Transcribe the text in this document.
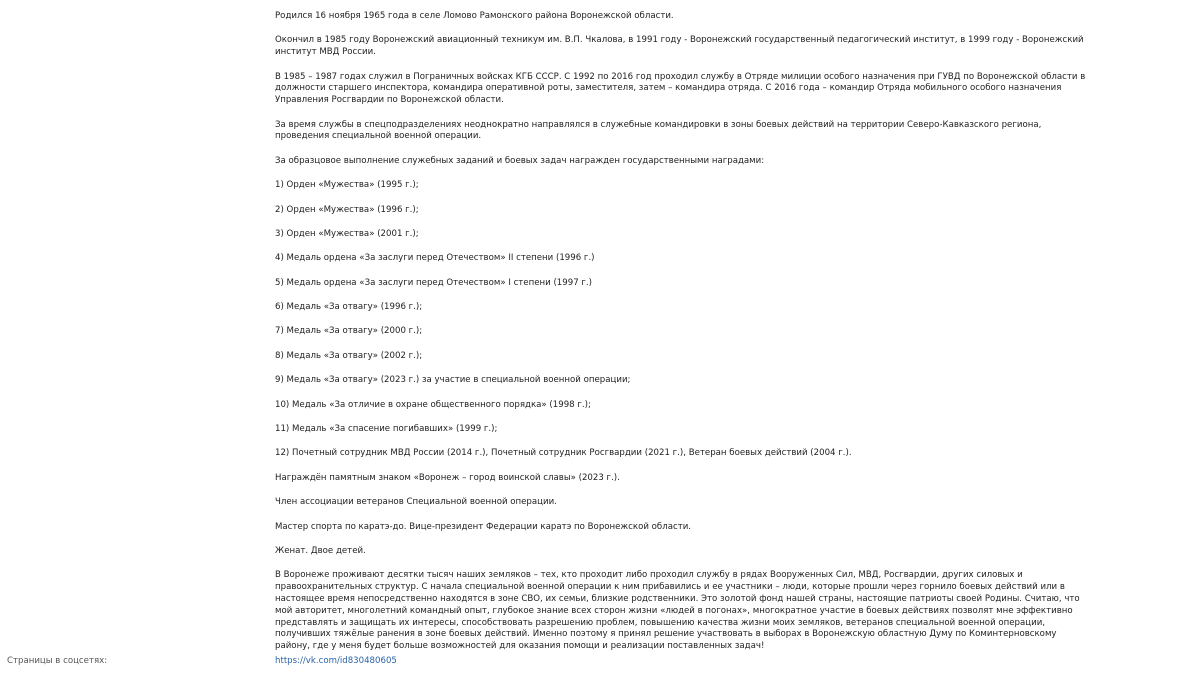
Родился 16 ноября 1965 года в селе Ломово Рамонского района Воронежской области.

Окончил в 1985 году Воронежский авиационный техникум им. В.П. Чкалова, в 1991 году - Воронежский государственный педагогический институт, в 1999 году - Воронежский институт МВД России.

В 1985 – 1987 годах служил в Пограничных войсках КГБ СССР. С 1992 по 2016 год проходил службу в Отряде милиции особого назначения при ГУВД по Воронежской области в должности старшего инспектора, командира оперативной роты, заместителя, затем – командира отряда. С 2016 года – командир Отряда мобильного особого назначения Управления Росгвардии по Воронежской области.

За время службы в спецподразделениях неоднократно направлялся в служебные командировки в зоны боевых действий на территории Северо-Кавказского региона, проведения специальной военной операции.

За образцовое выполнение служебных заданий и боевых задач награжден государственными наградами:

1) Орден «Мужества» (1995 г.);

2) Орден «Мужества» (1996 г.);

3) Орден «Мужества» (2001 г.);

4) Медаль ордена «За заслуги перед Отечеством» II степени (1996 г.)

5) Медаль ордена «За заслуги перед Отечеством» I степени (1997 г.)

6) Медаль «За отвагу» (1996 г.);

7) Медаль «За отвагу» (2000 г.);

8) Медаль «За отвагу» (2002 г.);

9) Медаль «За отвагу» (2023 г.) за участие в специальной военной операции;

10) Медаль «За отличие в охране общественного порядка» (1998 г.);

11) Медаль «За спасение погибавших» (1999 г.);

12) Почетный сотрудник МВД России (2014 г.), Почетный сотрудник Росгвардии (2021 г.), Ветеран боевых действий (2004 г.).

Награждён памятным знаком «Воронеж – город воинской славы» (2023 г.).

Член ассоциации ветеранов Специальной военной операции.

Мастер спорта по каратэ-до. Вице-президент Федерации каратэ по Воронежской области.

Женат. Двое детей.

В Воронеже проживают десятки тысяч наших земляков – тех, кто проходит либо проходил службу в рядах Вооруженных Сил, МВД, Росгвардии, других силовых и правоохранительных структур. С начала специальной военной операции к ним прибавились и ее участники – люди, которые прошли через горнило боевых действий или в настоящее время непосредственно находятся в зоне СВО, их семьи, близкие родственники. Это золотой фонд нашей страны, настоящие патриоты своей Родины. Считаю, что мой авторитет, многолетний командный опыт, глубокое знание всех сторон жизни «людей в погонах», многократное участие в боевых действиях позволят мне эффективно представлять и защищать их интересы, способствовать разрешению проблем, повышению качества жизни моих земляков, ветеранов специальной военной операции, получивших тяжёлые ранения в зоне боевых действий. Именно поэтому я принял решение участвовать в выборах в Воронежскую областную Думу по Коминтерновскому району, где у меня будет больше возможностей для оказания помощи и реализации поставленных задач!

Страницы в соцсетях:	https://vk.com/id830480605
